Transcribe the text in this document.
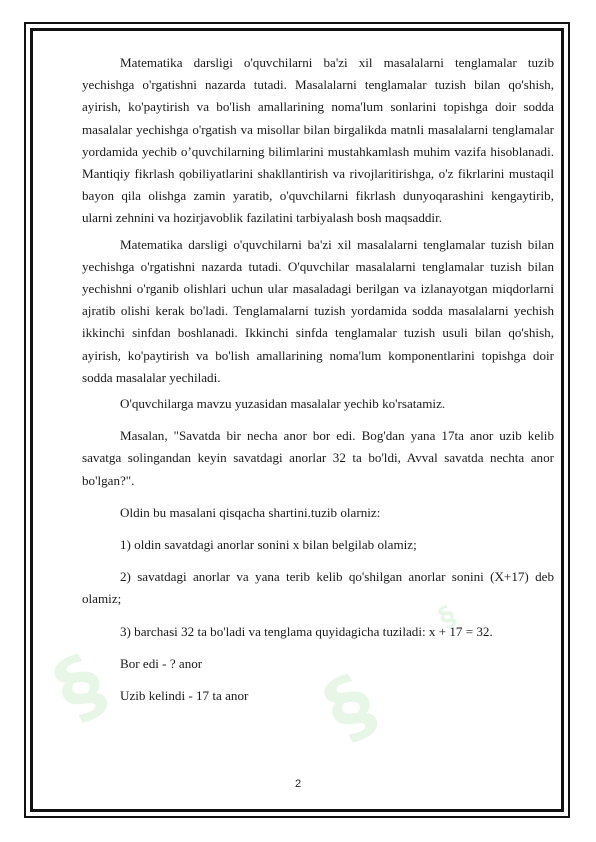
§ §
§

Matematika darsligi o'quvchilarni ba'zi xil masalalarni tenglamalar tuzib yechishga o'rgatishni nazarda tutadi. Masalalarni tenglamalar tuzish bilan qo'shish, ayirish, ko'paytirish va bo'lish amallarining noma'lum sonlarini topishga doir sodda masalalar yechishga o'rgatish va misollar bilan birgalikda matnli masalalarni tenglamalar yordamida yechib o’quvchilarning bilimlarini mustahkamlash muhim vazifa hisoblanadi. Mantiqiy fikrlash qobiliyatlarini shakllantirish va rivojlaritirishga, o'z fikrlarini mustaqil bayon qila olishga zamin yaratib, o'quvchilarni fikrlash dunyoqarashini kengaytirib, ularni zehnini va hozirjavoblik fazilatini tarbiyalash bosh maqsaddir.

Matematika darsligi o'quvchilarni ba'zi xil masalalarni tenglamalar tuzish bilan yechishga o'rgatishni nazarda tutadi. O'quvchilar masalalarni tenglamalar tuzish bilan yechishni o'rganib olishlari uchun ular masaladagi berilgan va izlanayotgan miqdorlarni ajratib olishi kerak bo'ladi. Tenglamalarni tuzish yordamida sodda masalalarni yechish ikkinchi sinfdan boshlanadi. Ikkinchi sinfda tenglamalar tuzish usuli bilan qo'shish, ayirish, ko'paytirish va bo'lish amallarining noma'lum komponentlarini topishga doir sodda masalalar yechiladi.

O'quvchilarga mavzu yuzasidan masalalar yechib ko'rsatamiz.

Masalan, "Savatda bir necha anor bor edi. Bog'dan yana 17ta anor uzib kelib savatga solingandan keyin savatdagi anorlar 32 ta bo'ldi, Avval savatda nechta anor bo'lgan?".

Oldin bu masalani qisqacha shartini.tuzib olarniz:

1) oldin savatdagi anorlar sonini x bilan belgilab olamiz;

2) savatdagi anorlar va yana terib kelib qo'shilgan anorlar sonini (X+17) deb olamiz;

3) barchasi 32 ta bo'ladi va tenglama quyidagicha tuziladi: x + 17 = 32.

Bor edi - ? anor

Uzib kelindi - 17 ta anor

2
